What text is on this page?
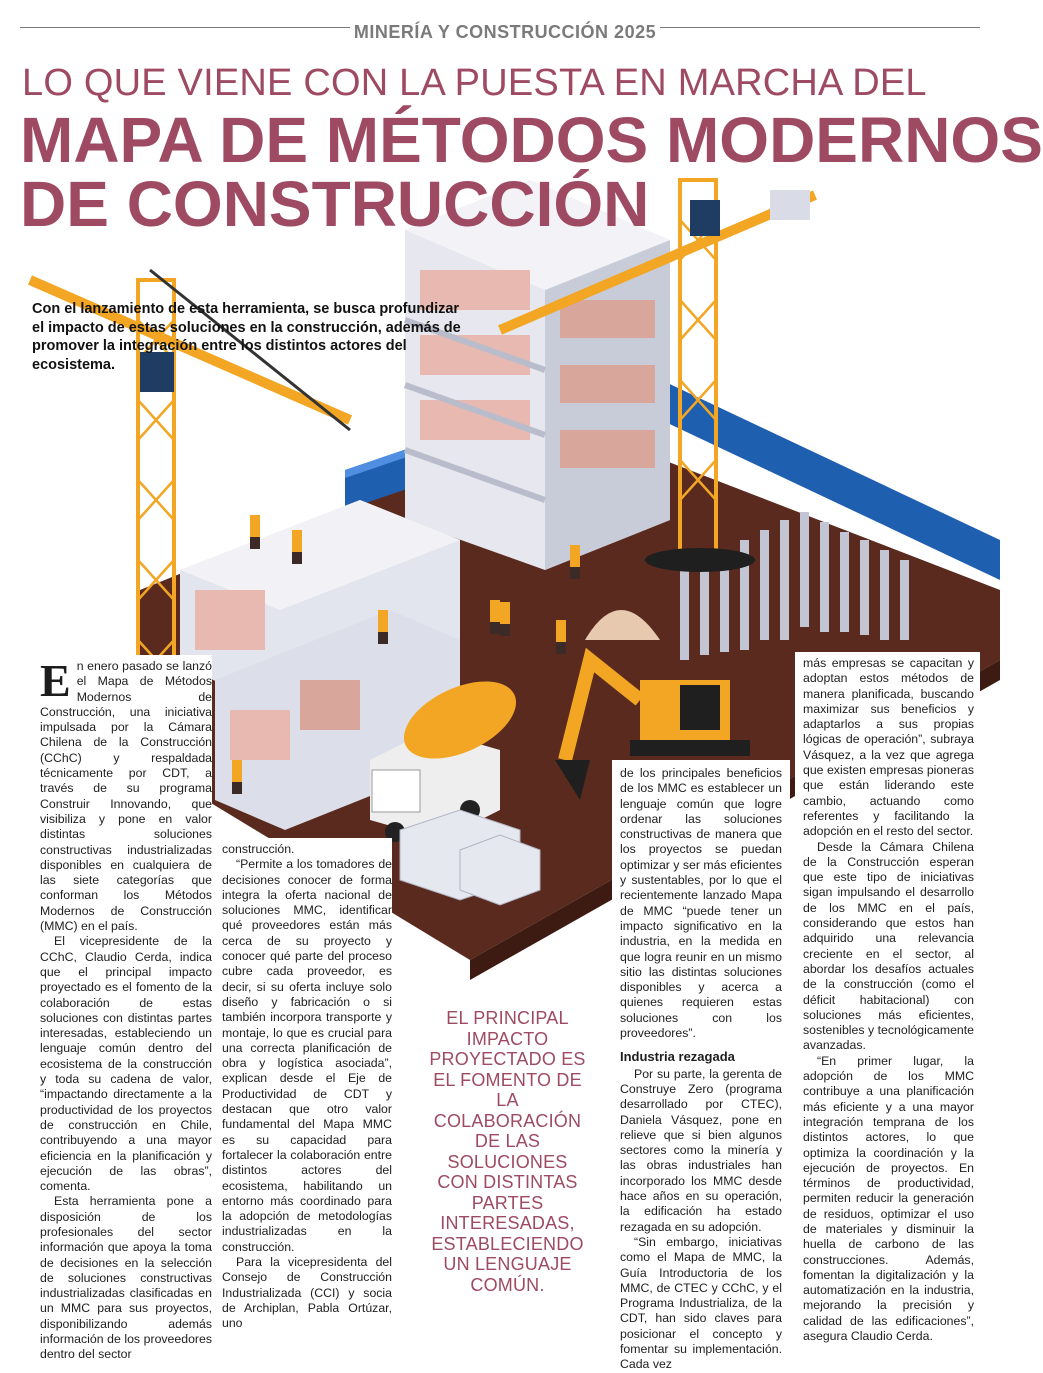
MINERÍA Y CONSTRUCCIÓN 2025
LO QUE VIENE CON LA PUESTA EN MARCHA DEL
MAPA DE MÉTODOS MODERNOS
DE CONSTRUCCIÓN
Con el lanzamiento de esta herramienta, se busca profundizar el impacto de estas soluciones en la construcción, además de promover la integración entre los distintos actores del ecosistema.
E n enero pasado se lanzó el Mapa de Métodos Modernos de Construcción, una iniciativa impulsada por la Cámara Chilena de la Construcción (CChC) y respaldada técnicamente por CDT, a través de su programa Construir Innovando, que visibiliza y pone en valor distintas soluciones constructivas industrializadas disponibles en cualquiera de las siete categorías que conforman los Métodos Modernos de Construcción (MMC) en el país.

El vicepresidente de la CChC, Claudio Cerda, indica que el principal impacto proyectado es el fomento de la colaboración de estas soluciones con distintas partes interesadas, estableciendo un lenguaje común dentro del ecosistema de la construcción y toda su cadena de valor, “impactando directamente a la productividad de los proyectos de construcción en Chile, contribuyendo a una mayor eficiencia en la planificación y ejecución de las obras”, comenta.

Esta herramienta pone a disposición de los profesionales del sector información que apoya la toma de decisiones en la selección de soluciones constructivas industrializadas clasificadas en un MMC para sus proyectos, disponibilizando además información de los proveedores dentro del sector

construcción.

“Permite a los tomadores de decisiones conocer de forma integra la oferta nacional de soluciones MMC, identificar qué proveedores están más cerca de su proyecto y conocer qué parte del proceso cubre cada proveedor, es decir, si su oferta incluye solo diseño y fabricación o si también incorpora transporte y montaje, lo que es crucial para una correcta planificación de obra y logística asociada”, explican desde el Eje de Productividad de CDT y destacan que otro valor fundamental del Mapa MMC es su capacidad para fortalecer la colaboración entre distintos actores del ecosistema, habilitando un entorno más coordinado para la adopción de metodologías industrializadas en la construcción.

Para la vicepresidenta del Consejo de Construcción Industrializada (CCI) y socia de Archiplan, Pabla Ortúzar, uno

EL PRINCIPAL IMPACTO PROYECTADO ES EL FOMENTO DE LA COLABORACIÓN DE LAS SOLUCIONES CON DISTINTAS PARTES INTERESADAS, ESTABLECIENDO UN LENGUAJE COMÚN.

de los principales beneficios de los MMC es establecer un lenguaje común que logre ordenar las soluciones constructivas de manera que los proyectos se puedan optimizar y ser más eficientes y sustentables, por lo que el recientemente lanzado Mapa de MMC “puede tener un impacto significativo en la industria, en la medida en que logra reunir en un mismo sitio las distintas soluciones disponibles y acerca a quienes requieren estas soluciones con los proveedores”.

Industria rezagada

Por su parte, la gerenta de Construye Zero (programa desarrollado por CTEC), Daniela Vásquez, pone en relieve que si bien algunos sectores como la minería y las obras industriales han incorporado los MMC desde hace años en su operación, la edificación ha estado rezagada en su adopción.

“Sin embargo, iniciativas como el Mapa de MMC, la Guía Introductoria de los MMC, de CTEC y CChC, y el Programa Industrializa, de la CDT, han sido claves para posicionar el concepto y fomentar su implementación. Cada vez

más empresas se capacitan y adoptan estos métodos de manera planificada, buscando maximizar sus beneficios y adaptarlos a sus propias lógicas de operación”, subraya Vásquez, a la vez que agrega que existen empresas pioneras que están liderando este cambio, actuando como referentes y facilitando la adopción en el resto del sector.

Desde la Cámara Chilena de la Construcción esperan que este tipo de iniciativas sigan impulsando el desarrollo de los MMC en el país, considerando que estos han adquirido una relevancia creciente en el sector, al abordar los desafíos actuales de la construcción (como el déficit habitacional) con soluciones más eficientes, sostenibles y tecnológicamente avanzadas.

“En primer lugar, la adopción de los MMC contribuye a una planificación más eficiente y a una mayor integración temprana de los distintos actores, lo que optimiza la coordinación y la ejecución de proyectos. En términos de productividad, permiten reducir la generación de residuos, optimizar el uso de materiales y disminuir la huella de carbono de las construcciones. Además, fomentan la digitalización y la automatización en la industria, mejorando la precisión y calidad de las edificaciones”, asegura Claudio Cerda.
